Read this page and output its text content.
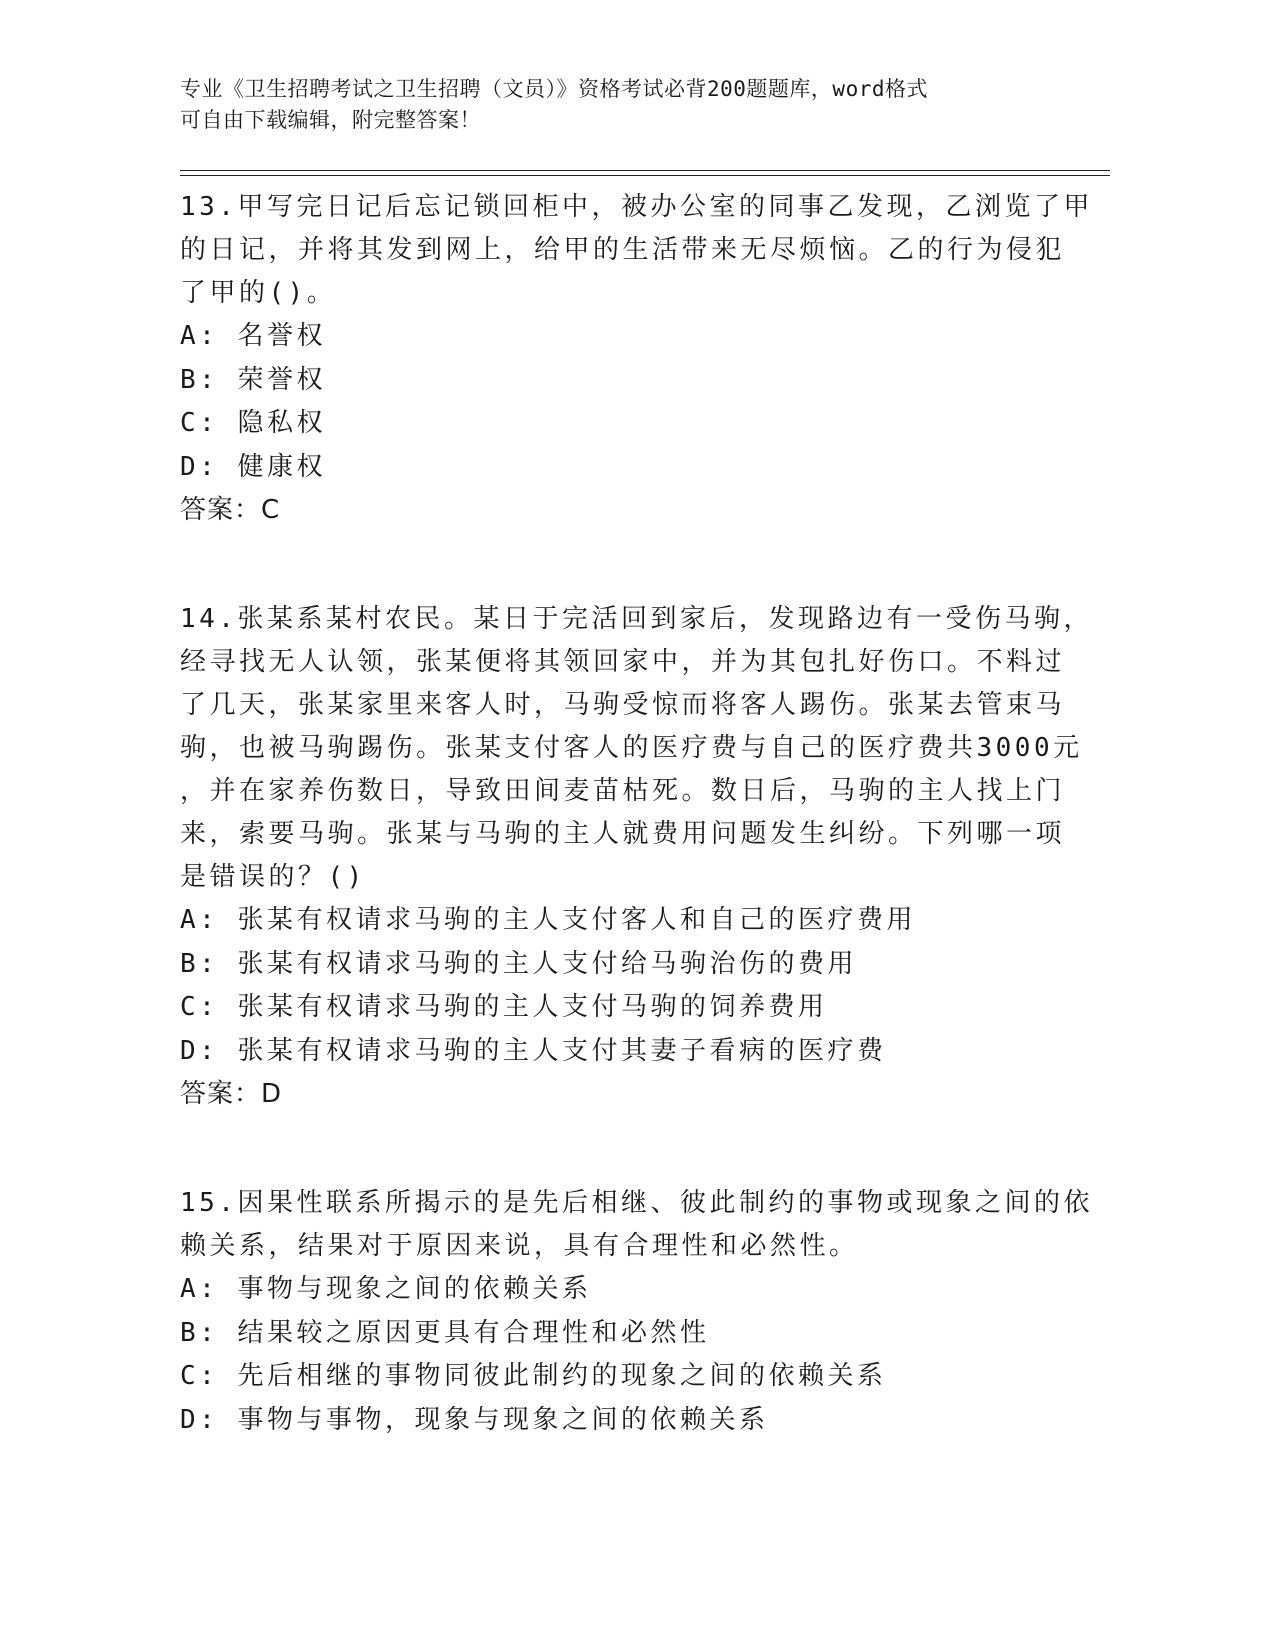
专业《卫生招聘考试之卫生招聘（文员）》资格考试必背200题题库，word格式
可自由下载编辑，附完整答案！
13.甲写完日记后忘记锁回柜中，被办公室的同事乙发现，乙浏览了甲
的日记，并将其发到网上，给甲的生活带来无尽烦恼。乙的行为侵犯
了甲的()。
A: 名誉权
B: 荣誉权
C: 隐私权
D: 健康权
答案：C
14.张某系某村农民。某日于完活回到家后，发现路边有一受伤马驹，
经寻找无人认领，张某便将其领回家中，并为其包扎好伤口。不料过
了几天，张某家里来客人时，马驹受惊而将客人踢伤。张某去管束马
驹，也被马驹踢伤。张某支付客人的医疗费与自己的医疗费共3000元
，并在家养伤数日，导致田间麦苗枯死。数日后，马驹的主人找上门
来，索要马驹。张某与马驹的主人就费用问题发生纠纷。下列哪一项
是错误的？()
A: 张某有权请求马驹的主人支付客人和自己的医疗费用
B: 张某有权请求马驹的主人支付给马驹治伤的费用
C: 张某有权请求马驹的主人支付马驹的饲养费用
D: 张某有权请求马驹的主人支付其妻子看病的医疗费
答案：D
15.因果性联系所揭示的是先后相继、彼此制约的事物或现象之间的依
赖关系，结果对于原因来说，具有合理性和必然性。
A: 事物与现象之间的依赖关系
B: 结果较之原因更具有合理性和必然性
C: 先后相继的事物同彼此制约的现象之间的依赖关系
D: 事物与事物，现象与现象之间的依赖关系
